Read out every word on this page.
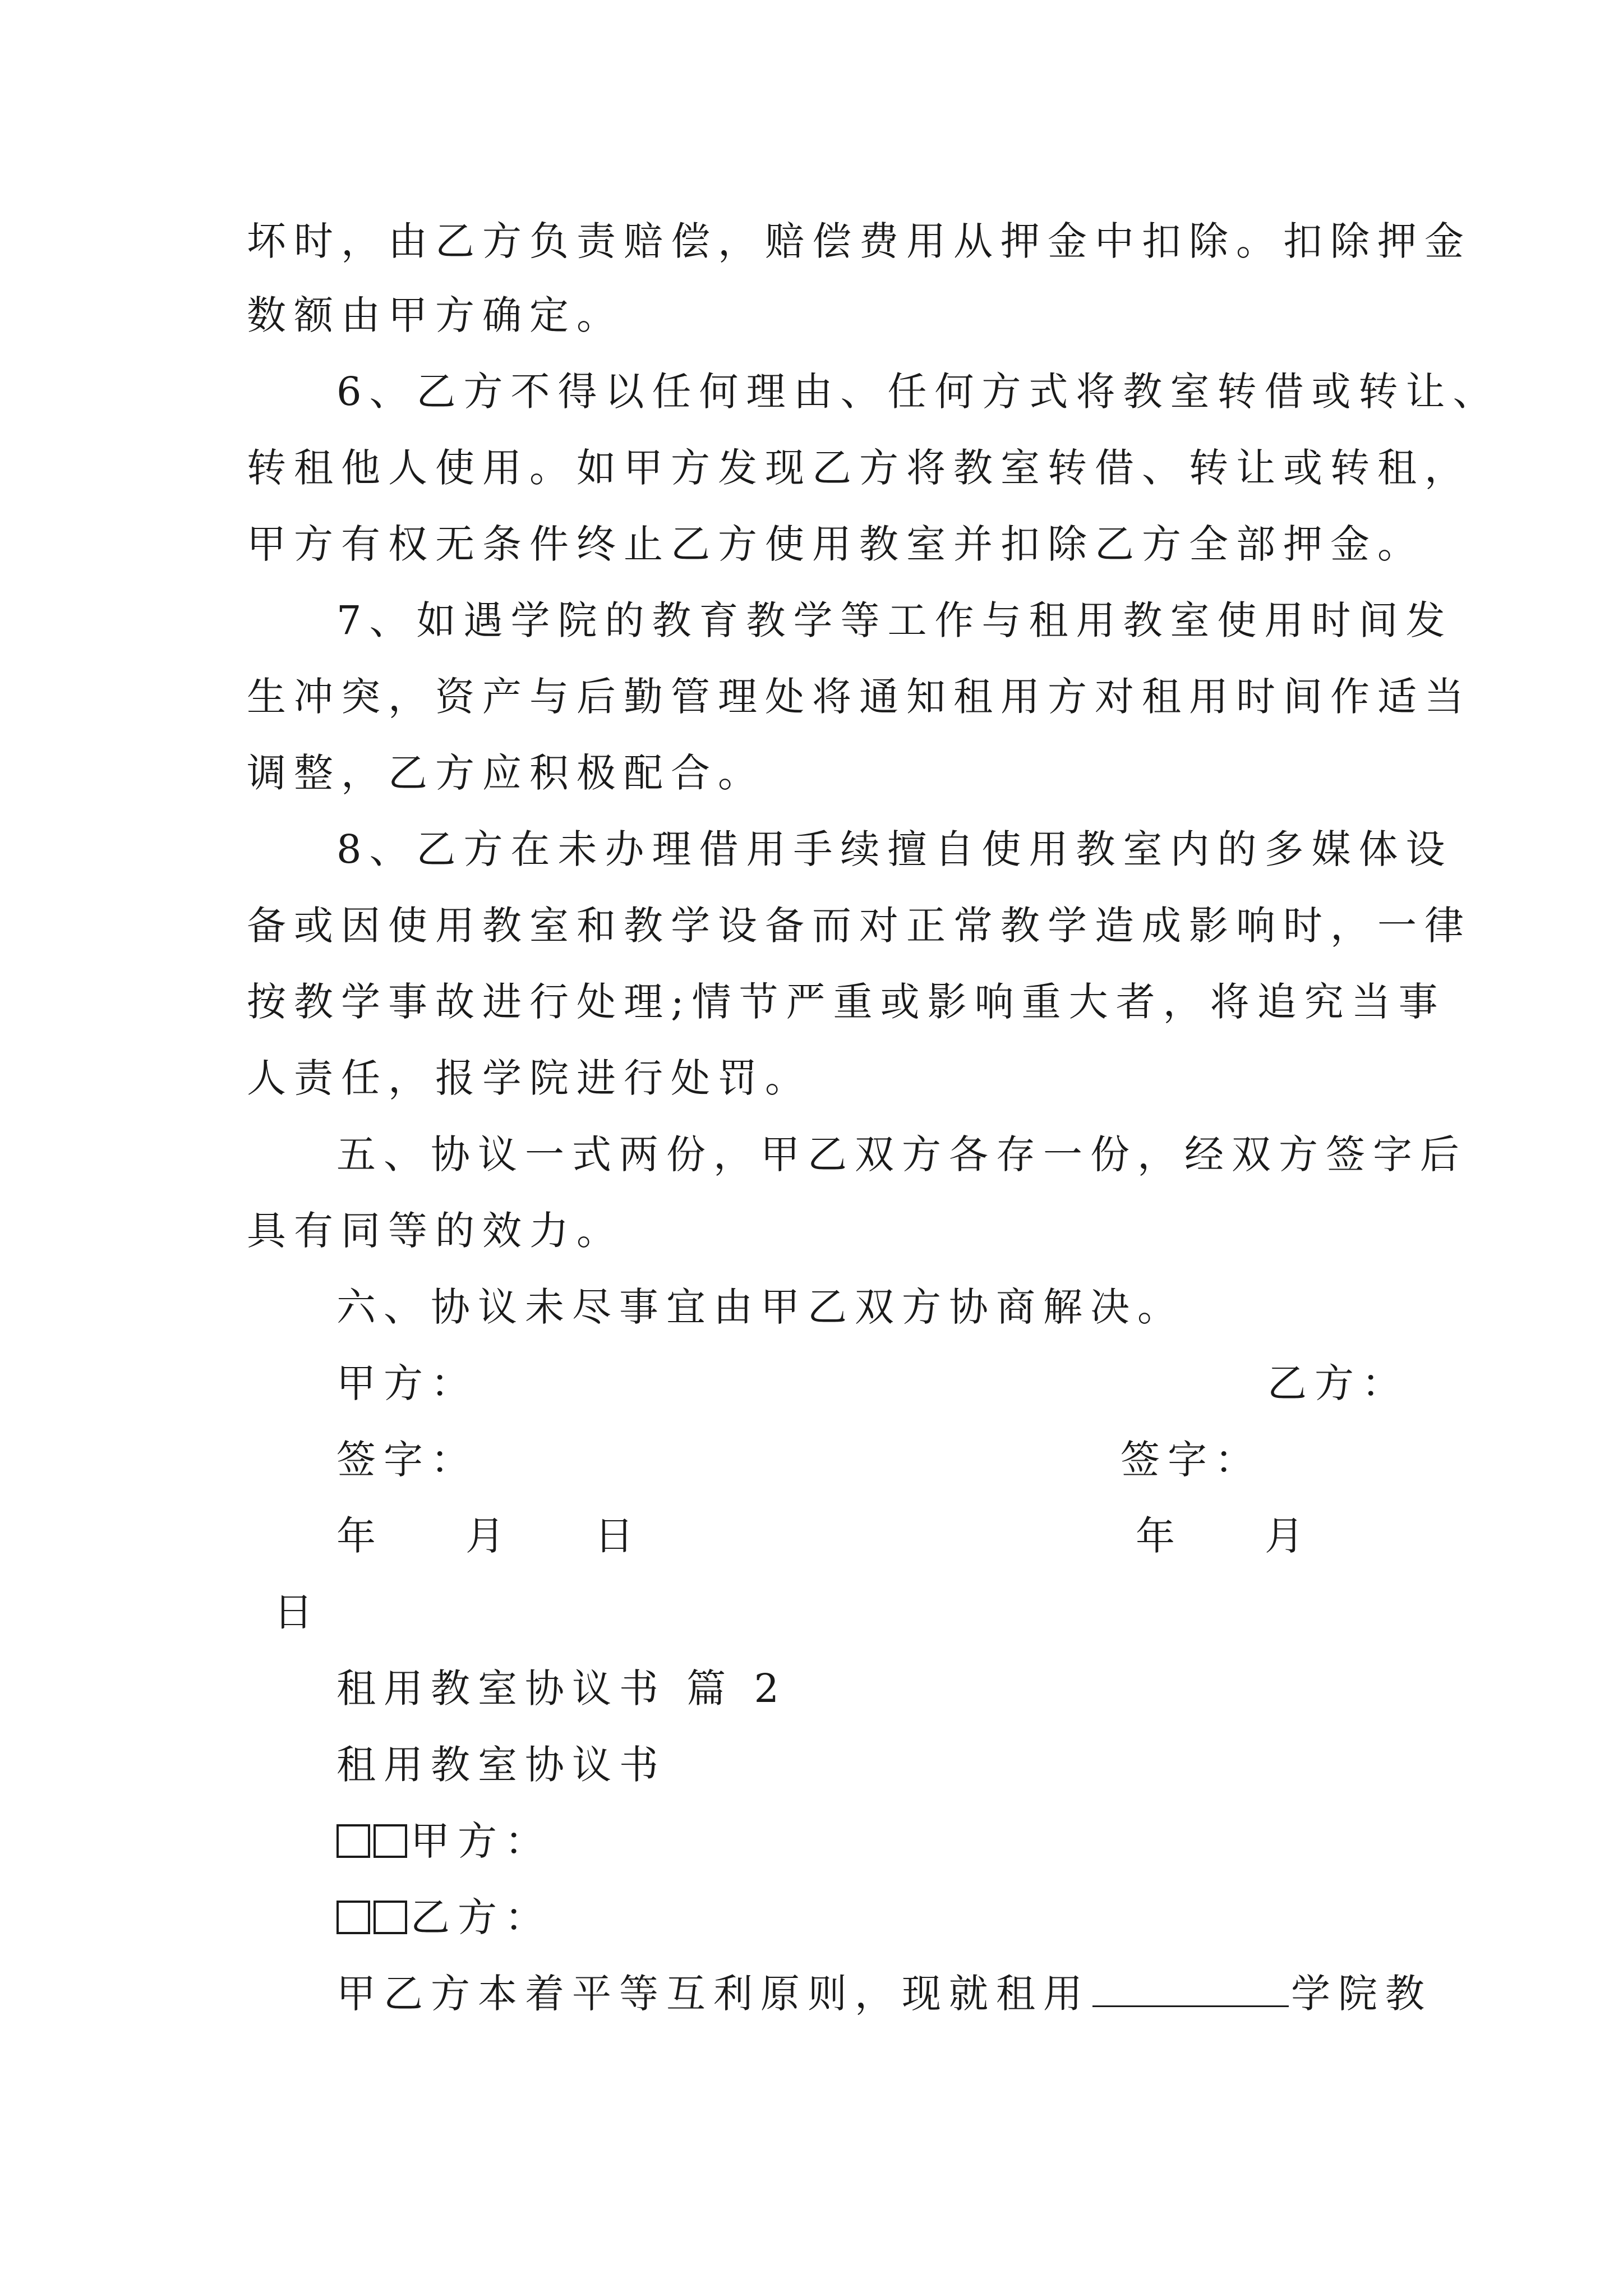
坏时，由乙方负责赔偿，赔偿费用从押金中扣除。扣除押金
数额由甲方确定。
6、乙方不得以任何理由、任何方式将教室转借或转让、
转租他人使用。如甲方发现乙方将教室转借、转让或转租，
甲方有权无条件终止乙方使用教室并扣除乙方全部押金。
7、如遇学院的教育教学等工作与租用教室使用时间发
生冲突，资产与后勤管理处将通知租用方对租用时间作适当
调整，乙方应积极配合。
8、乙方在未办理借用手续擅自使用教室内的多媒体设
备或因使用教室和教学设备而对正常教学造成影响时，一律
按教学事故进行处理;情节严重或影响重大者，将追究当事
人责任，报学院进行处罚。
五、协议一式两份，甲乙双方各存一份，经双方签字后
具有同等的效力。
六、协议未尽事宜由甲乙双方协商解决。
甲方：	乙方：
签字：	签字：
年 月 日	年 月
日
租用教室协议书 篇 2
租用教室协议书
甲方：
乙方：
甲乙方本着平等互利原则，现就租用	学院教
